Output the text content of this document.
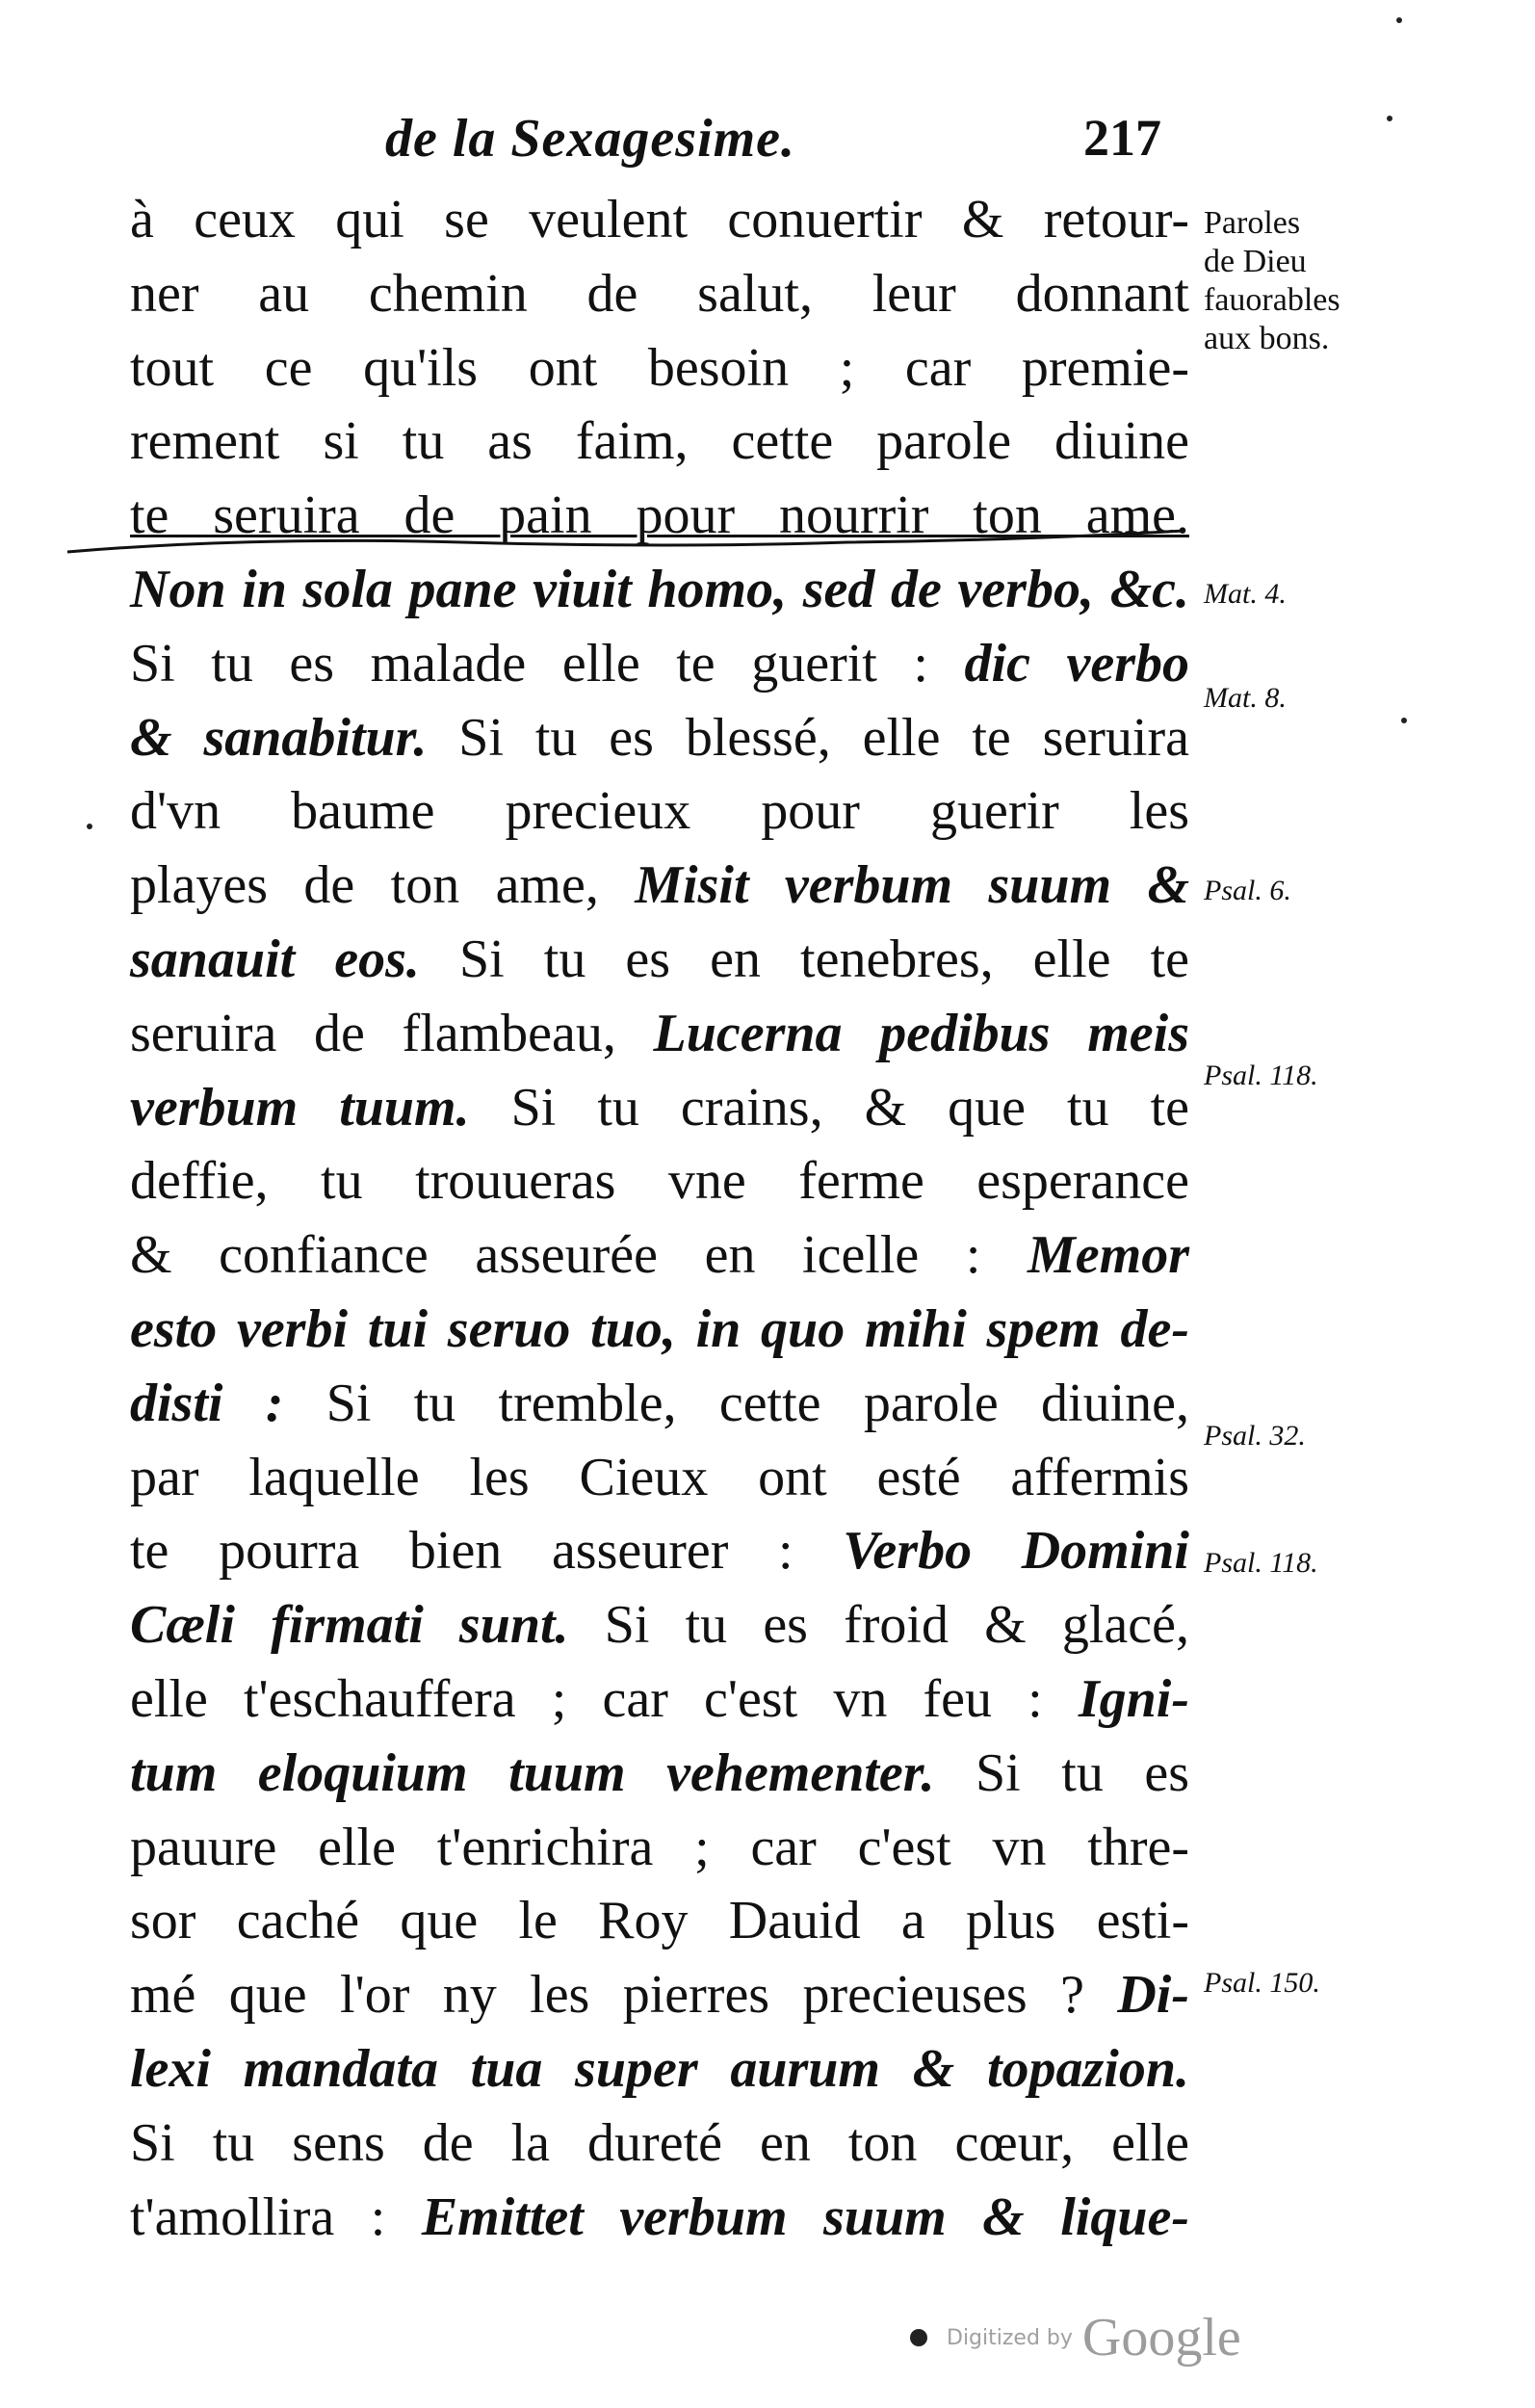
de la Sexagesime.	217
à ceux qui se veulent conuertir & retour-
ner au chemin de salut, leur donnant
tout ce qu'ils ont besoin ; car premie-
rement si tu as faim, cette parole diuine
te seruira de pain pour nourrir ton ame.
Non in sola pane viuit homo, sed de verbo, &c.
Si tu es malade elle te guerit : dic verbo
& sanabitur. Si tu es blessé, elle te seruira
d'vn baume precieux pour guerir les
playes de ton ame, Misit verbum suum &
sanauit eos. Si tu es en tenebres, elle te
seruira de flambeau, Lucerna pedibus meis
verbum tuum. Si tu crains, & que tu te
deffie, tu trouueras vne ferme esperance
& confiance asseurée en icelle : Memor
esto verbi tui seruo tuo, in quo mihi spem de-
disti : Si tu tremble, cette parole diuine,
par laquelle les Cieux ont esté affermis
te pourra bien asseurer : Verbo Domini
Cæli firmati sunt. Si tu es froid & glacé,
elle t'eschauffera ; car c'est vn feu : Igni-
tum eloquium tuum vehementer. Si tu es
pauure elle t'enrichira ; car c'est vn thre-
sor caché que le Roy Dauid a plus esti-
mé que l'or ny les pierres precieuses ? Di-
lexi mandata tua super aurum & topazion.
Si tu sens de la dureté en ton cœur, elle
t'amollira : Emittet verbum suum & lique-
Paroles
de Dieu
fauorables
aux bons.
Mat. 4.
Mat. 8.
Psal. 6.
Psal. 118.
Psal. 32.
Psal. 118.
Psal. 150.
Digitized by Google
